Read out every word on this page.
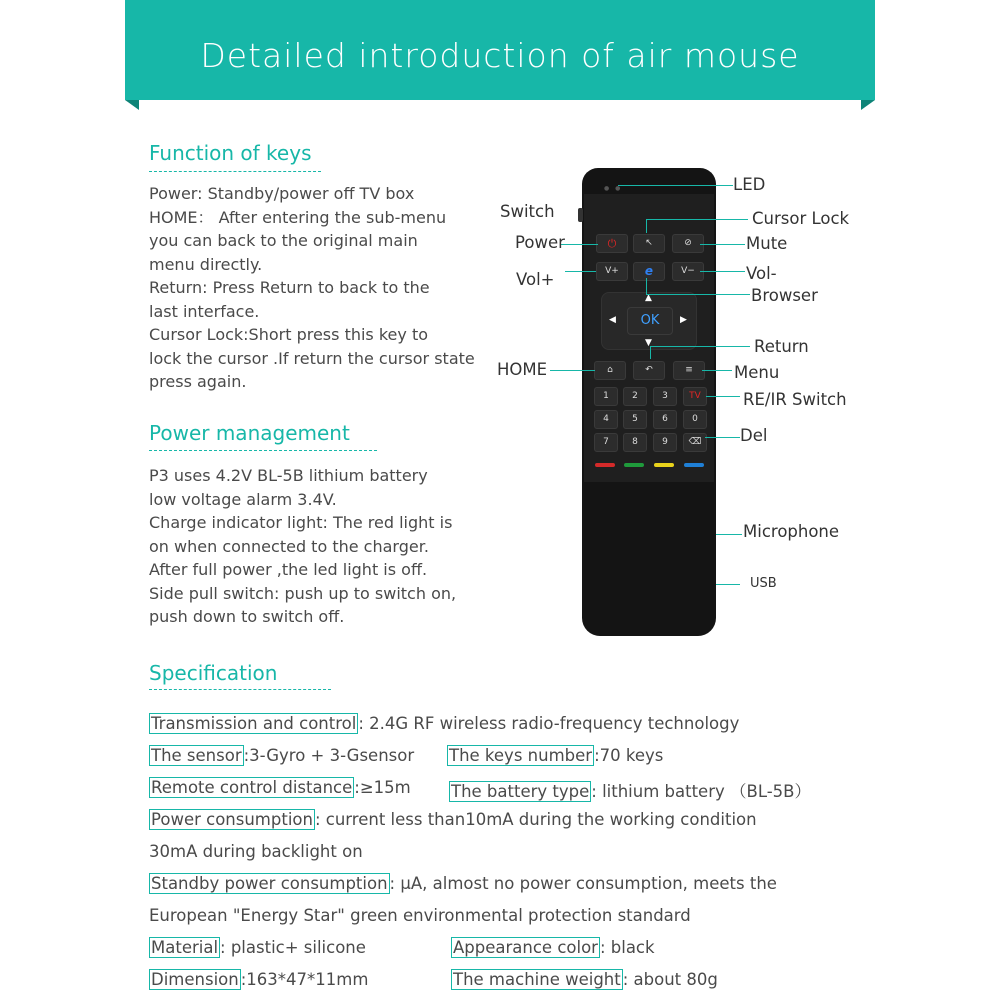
Detailed introduction of air mouse
Function of keys
Power: Standby/power off TV box
HOME： After entering the sub-menu
you can back to the original main
menu directly.
Return: Press Return to back to the
last interface.
Cursor Lock:Short press this key to
lock the cursor .If return the cursor state
press again.
Power management
P3 uses 4.2V BL-5B lithium battery
low voltage alarm 3.4V.
Charge indicator light: The red light is
on when connected to the charger.
After full power ,the led light is off.
Side pull switch: push up to switch on,
push down to switch off.
● ●
⏻	↖	⊘
V+	e	V−
OK
▲
▼
◀	▶
⌂	↶	≡
1	2	3	TV
4	5	6	0
7	8	9	⌫
LED
Switch	Cursor Lock
Power	Mute
Vol+	Vol-
Browser
Return
HOME	Menu
RE/IR Switch
Del
Microphone
USB
Specification
Transmission and control : 2.4G RF wireless radio-frequency technology
The sensor :3-Gyro + 3-Gsensor The keys number :70 keys
Remote control distance :≥15m The battery type : lithium battery （BL-5B）
Power consumption : current less than10mA during the working condition
30mA during backlight on
Standby power consumption : μA, almost no power consumption, meets the
European "Energy Star" green environmental protection standard
Material : plastic+ silicone	Appearance color : black
Dimension :163*47*11mm	The machine weight : about 80g
